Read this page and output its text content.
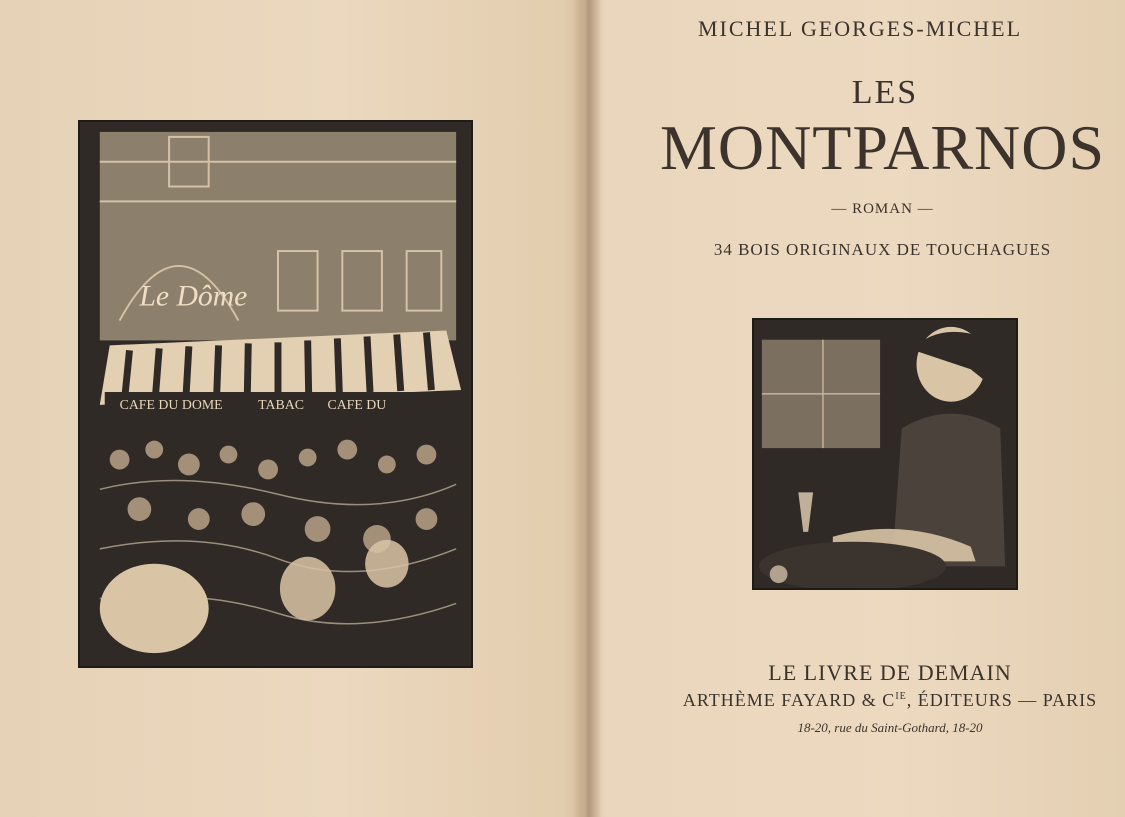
Le Dôme
CAFE DU DOME	TABAC CAFE DU
MICHEL GEORGES-MICHEL
LES
MONTPARNOS
— ROMAN —
34 BOIS ORIGINAUX DE TOUCHAGUES
LE LIVRE DE DEMAIN
ARTHÈME FAYARD & $C^{IE}$, ÉDITEURS — PARIS
18-20, rue du Saint-Gothard, 18-20
